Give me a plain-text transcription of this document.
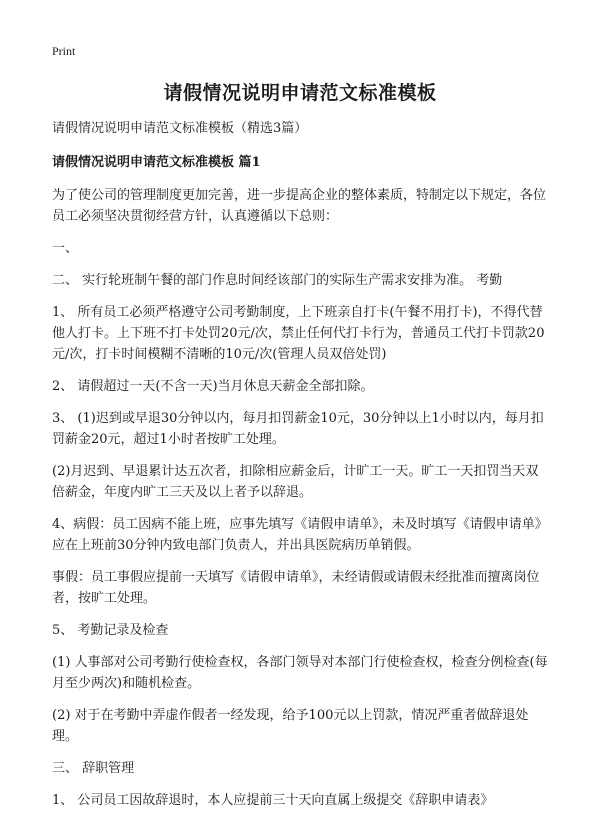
Print
请假情况说明申请范文标准模板

请假情况说明申请范文标准模板（精选3篇）

请假情况说明申请范文标准模板 篇1

为了使公司的管理制度更加完善，进一步提高企业的整体素质，特制定以下规定，各位员工必须坚决贯彻经营方针，认真遵循以下总则：

一、

二、 实行轮班制午餐的部门作息时间经该部门的实际生产需求安排为准。 考勤

1、 所有员工必须严格遵守公司考勤制度，上下班亲自打卡(午餐不用打卡)，不得代替他人打卡。上下班不打卡处罚20元/次，禁止任何代打卡行为，普通员工代打卡罚款20元/次，打卡时间模糊不清晰的10元/次(管理人员双倍处罚)

2、 请假超过一天(不含一天)当月休息天薪金全部扣除。

3、 (1)迟到或早退30分钟以内，每月扣罚薪金10元，30分钟以上1小时以内，每月扣罚薪金20元，超过1小时者按旷工处理。

(2)月迟到、早退累计达五次者，扣除相应薪金后，计旷工一天。旷工一天扣罚当天双倍薪金，年度内旷工三天及以上者予以辞退。

4、病假：员工因病不能上班，应事先填写《请假申请单》，未及时填写《请假申请单》应在上班前30分钟内致电部门负责人，并出具医院病历单销假。

事假：员工事假应提前一天填写《请假申请单》，未经请假或请假未经批准而擅离岗位者，按旷工处理。

5、 考勤记录及检查

(1) 人事部对公司考勤行使检查权，各部门领导对本部门行使检查权，检查分例检查(每月至少两次)和随机检查。

(2) 对于在考勤中弄虚作假者一经发现，给予100元以上罚款，情况严重者做辞退处理。

三、 辞职管理

1、 公司员工因故辞退时，本人应提前三十天向直属上级提交《辞职申请表》
